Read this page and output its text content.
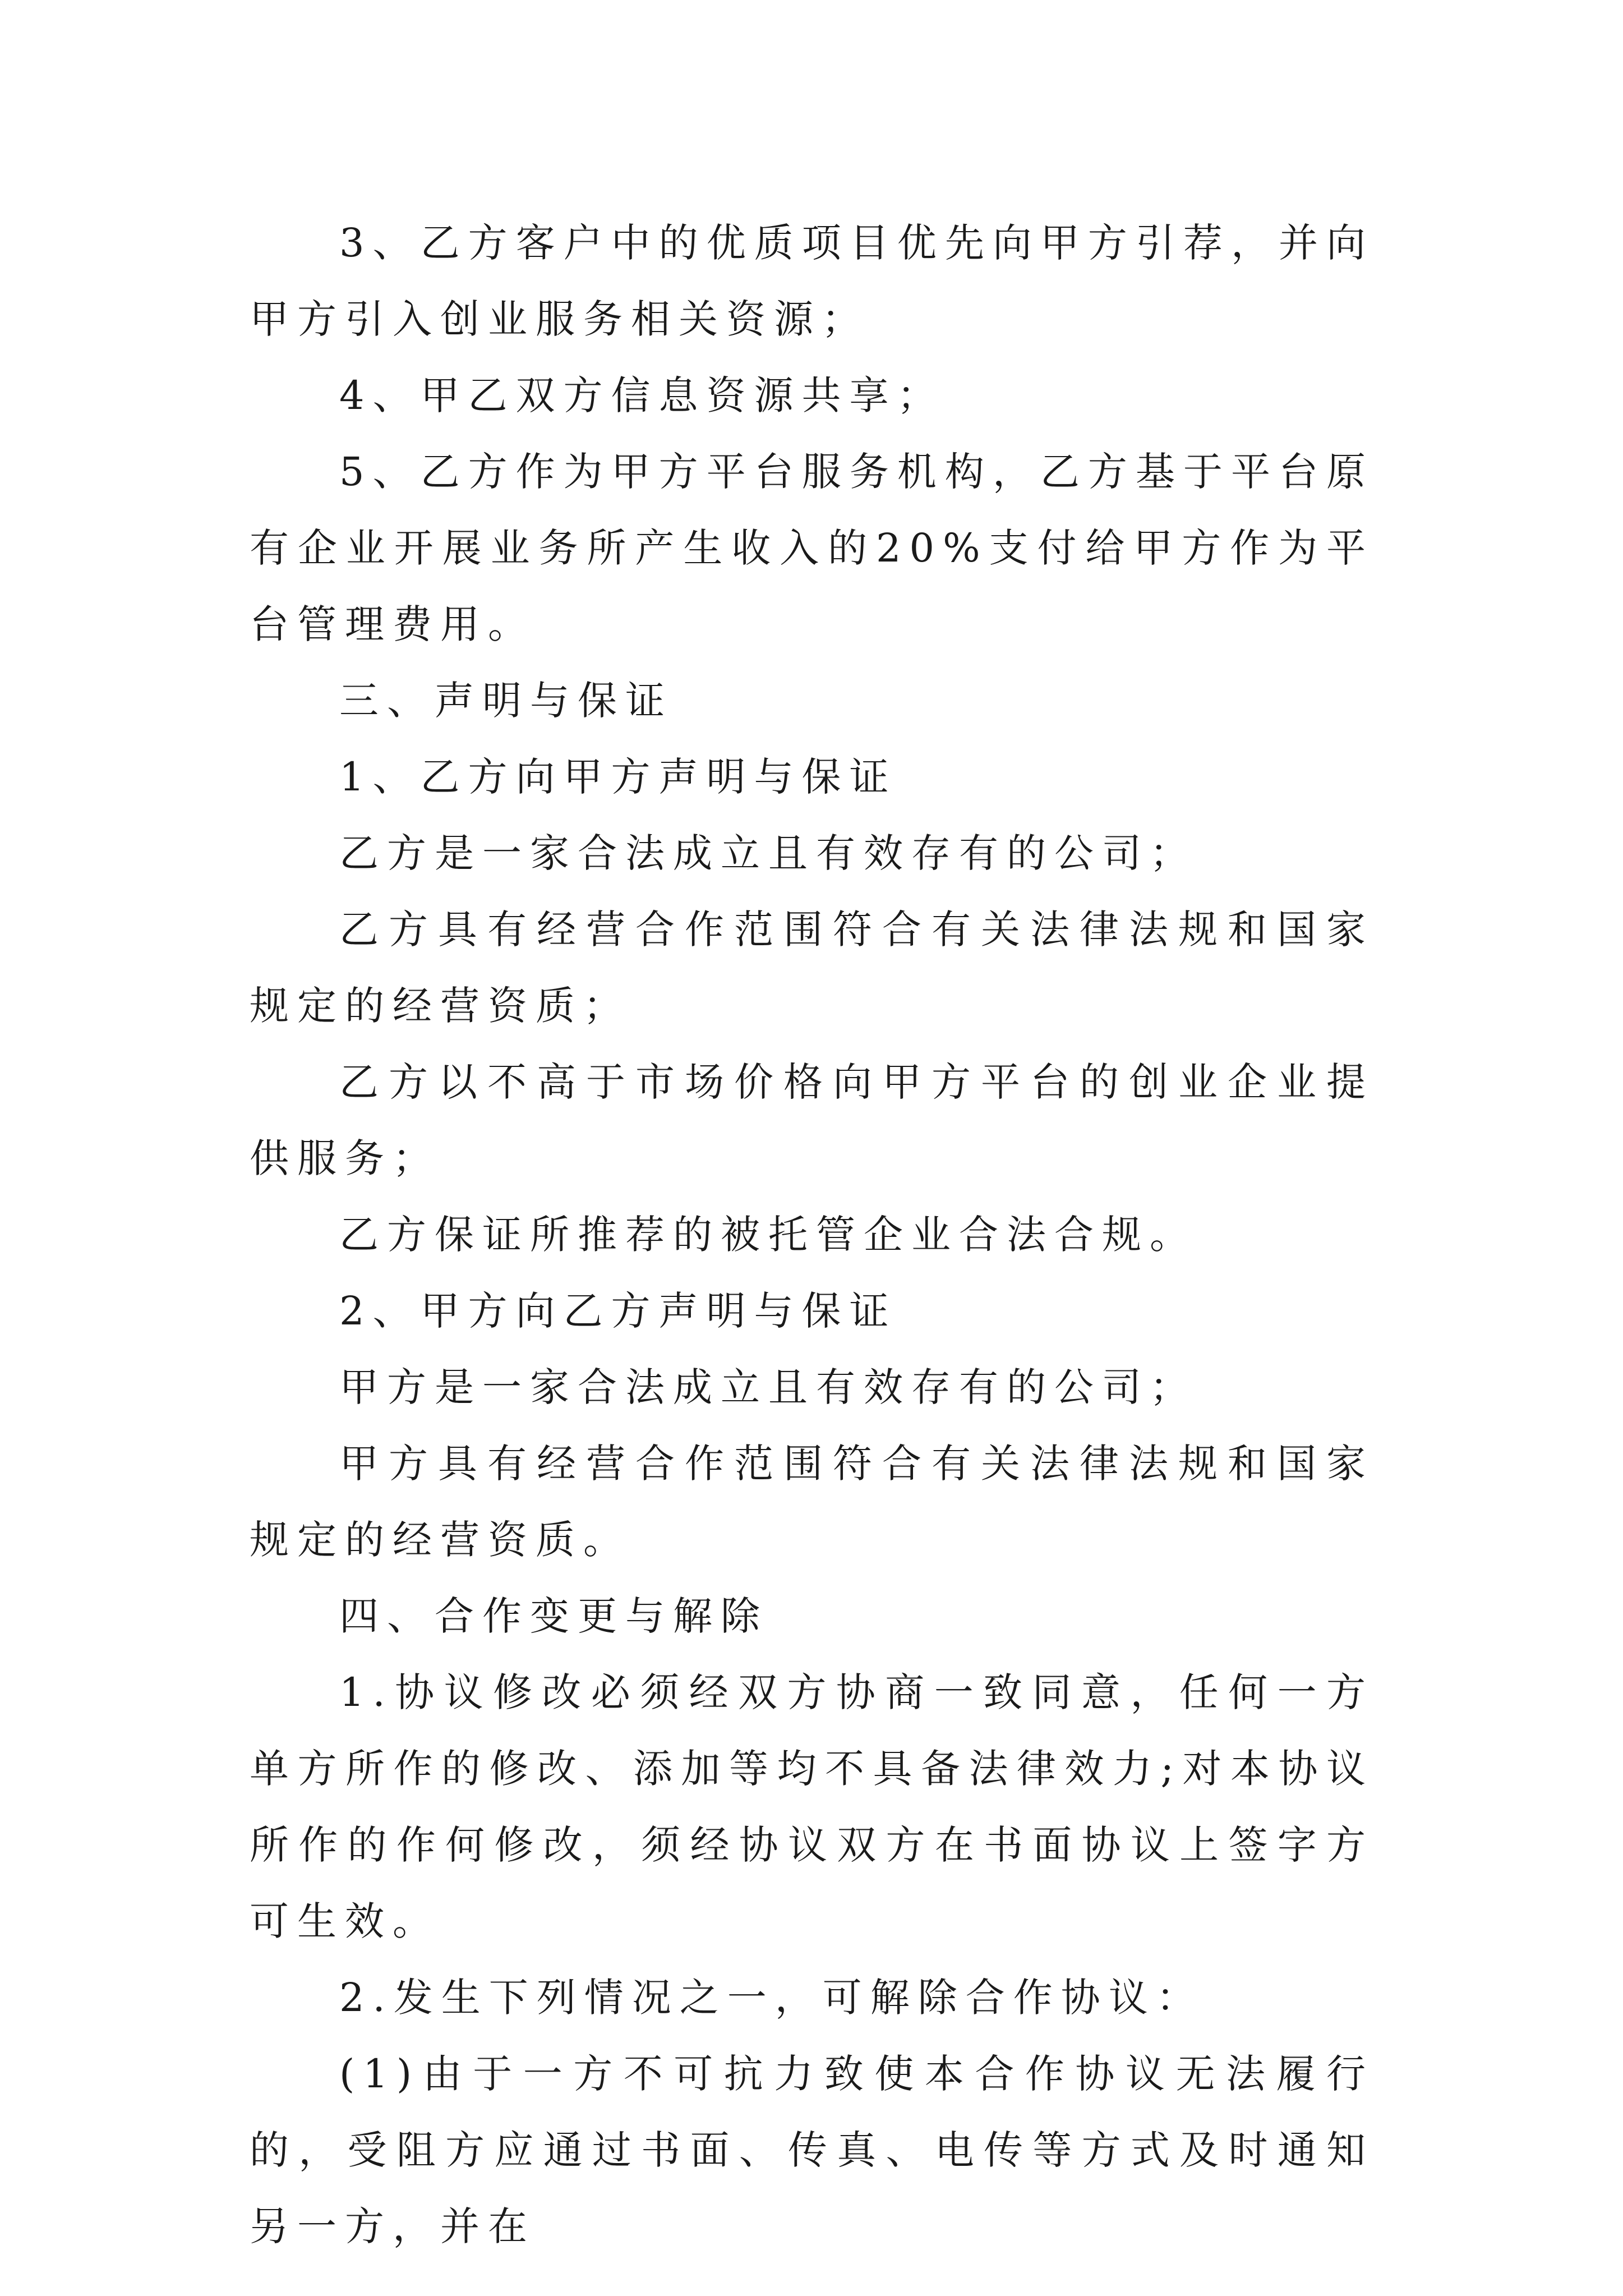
3、乙方客户中的优质项目优先向甲方引荐，并向甲方引入创业服务相关资源；

4、甲乙双方信息资源共享；

5、乙方作为甲方平台服务机构，乙方基于平台原有企业开展业务所产生收入的20%支付给甲方作为平台管理费用。

三、声明与保证

1、乙方向甲方声明与保证

乙方是一家合法成立且有效存有的公司；

乙方具有经营合作范围符合有关法律法规和国家规定的经营资质；

乙方以不高于市场价格向甲方平台的创业企业提供服务；

乙方保证所推荐的被托管企业合法合规。

2、甲方向乙方声明与保证

甲方是一家合法成立且有效存有的公司；

甲方具有经营合作范围符合有关法律法规和国家规定的经营资质。

四、合作变更与解除

1.协议修改必须经双方协商一致同意，任何一方单方所作的修改、添加等均不具备法律效力;对本协议所作的作何修改，须经协议双方在书面协议上签字方可生效。

2.发生下列情况之一，可解除合作协议：

(1)由于一方不可抗力致使本合作协议无法履行的，受阻方应通过书面、传真、电传等方式及时通知另一方，并在
